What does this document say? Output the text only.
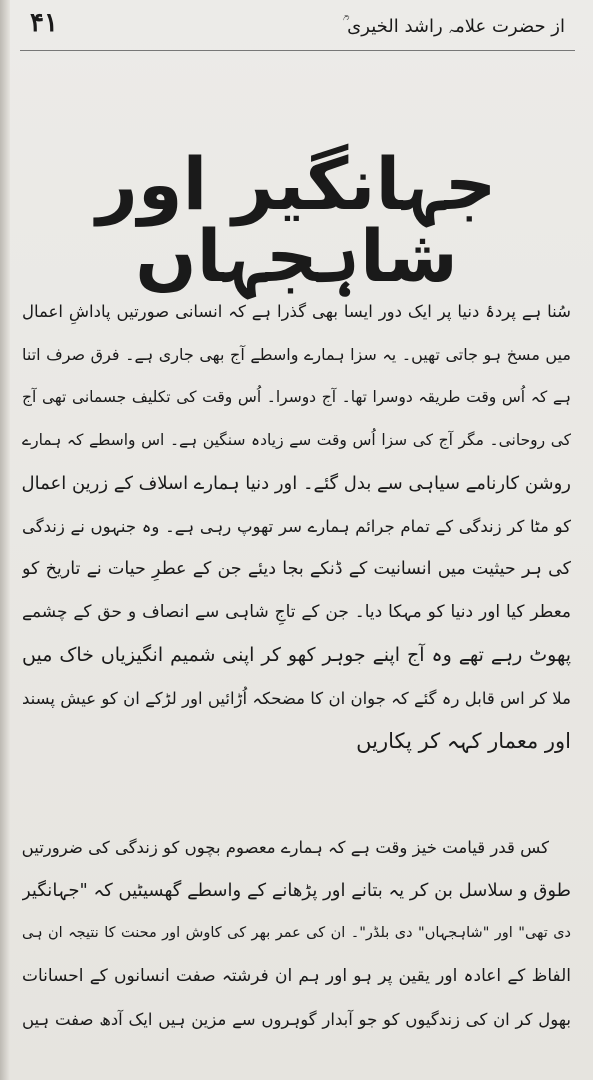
۴۱	از حضرت علامہ راشد الخیری ؒ
جہانگیر اور شاہجہاں
سُنا ہے پردۂ دنیا پر ایک دور ایسا بھی گذرا ہے کہ انسانی صورتیں پاداشِ اعمال
میں مسخ ہو جاتی تھیں۔ یہ سزا ہمارے واسطے آج بھی جاری ہے۔ فرق صرف اتنا
ہے کہ اُس وقت طریقہ دوسرا تھا۔ آج دوسرا۔ اُس وقت کی تکلیف جسمانی تھی آج
کی روحانی۔ مگر آج کی سزا اُس وقت سے زیادہ سنگین ہے۔ اس واسطے کہ ہمارے
روشن کارنامے سیاہی سے بدل گئے۔ اور دنیا ہمارے اسلاف کے زرین اعمال
کو مٹا کر زندگی کے تمام جرائم ہمارے سر تھوپ رہی ہے۔ وہ جنہوں نے زندگی
کی ہر حیثیت میں انسانیت کے ڈنکے بجا دیئے جن کے عطرِ حیات نے تاریخ کو
معطر کیا اور دنیا کو مہکا دیا۔ جن کے تاجِ شاہی سے انصاف و حق کے چشمے
پھوٹ رہے تھے وہ آج اپنے جوہر کھو کر اپنی شمیم انگیزیاں خاک میں
ملا کر اس قابل رہ گئے کہ جوان ان کا مضحکہ اُڑائیں اور لڑکے ان کو عیش پسند
اور معمار کہہ کر پکاریں
کس قدر قیامت خیز وقت ہے کہ ہمارے معصوم بچوں کو زندگی کی ضرورتیں
طوق و سلاسل بن کر یہ بتانے اور پڑھانے کے واسطے گھسیٹیں کہ "جہانگیر
دی تھی" اور "شاہجہاں" دی بلڈر"۔ ان کی عمر بھر کی کاوش اور محنت کا نتیجہ ان ہی
الفاظ کے اعادہ اور یقین پر ہو اور ہم ان فرشتہ صفت انسانوں کے احسانات
بھول کر ان کی زندگیوں کو جو آبدار گوہروں سے مزین ہیں ایک آدھ صفت ہیں
